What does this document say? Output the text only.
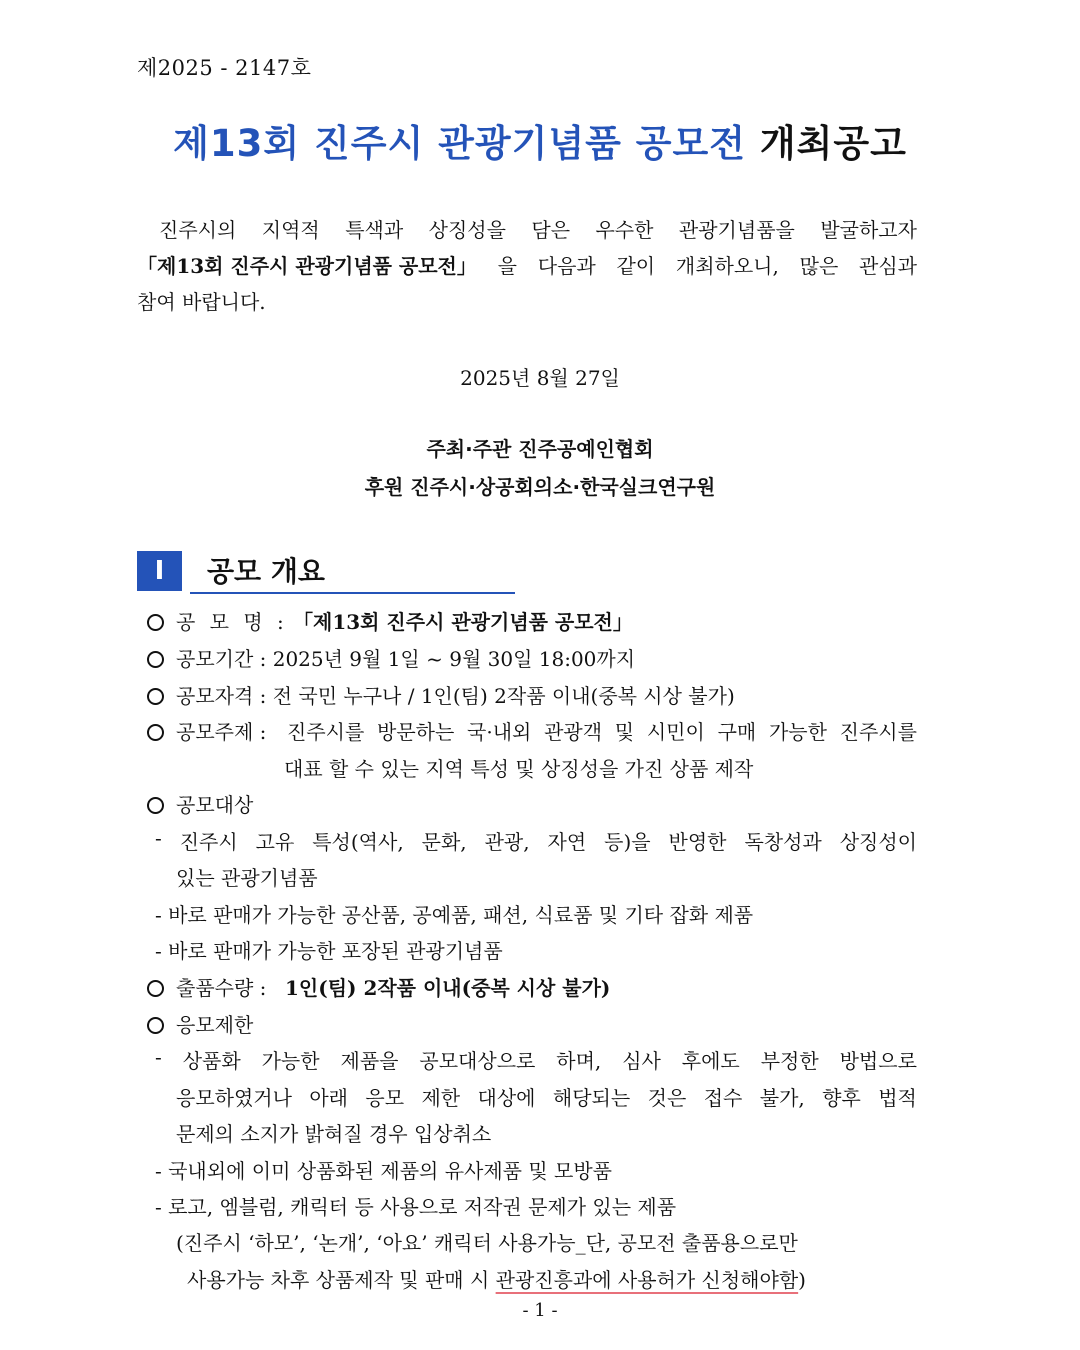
제2025 - 2147호
제13회 진주시 관광기념품 공모전 개최공고
진주시의 지역적 특색과 상징성을 담은 우수한 관광기념품을 발굴하고자
「제13회 진주시 관광기념품 공모전」 을 다음과 같이 개최하오니, 많은 관심과
참여 바랍니다.
2025년 8월 27일
주최·주관 진주공예인협회
후원 진주시·상공회의소·한국실크연구원
Ⅰ	공모 개요
공 모 명 : 「제13회 진주시 관광기념품 공모전」
공모기간 : 2025년 9월 1일 ~ 9월 30일 18:00까지
공모자격 : 전 국민 누구나 / 1인(팀) 2작품 이내(중복 시상 불가)
공모주제 : 진주시를 방문하는 국·내외 관광객 및 시민이 구매 가능한 진주시를
대표 할 수 있는 지역 특성 및 상징성을 가진 상품 제작
공모대상
- 진주시 고유 특성(역사, 문화, 관광, 자연 등)을 반영한 독창성과 상징성이
있는 관광기념품
- 바로 판매가 가능한 공산품, 공예품, 패션, 식료품 및 기타 잡화 제품
- 바로 판매가 가능한 포장된 관광기념품
출품수량 : 1인(팀) 2작품 이내(중복 시상 불가)
응모제한
- 상품화 가능한 제품을 공모대상으로 하며, 심사 후에도 부정한 방법으로
응모하였거나 아래 응모 제한 대상에 해당되는 것은 접수 불가, 향후 법적
문제의 소지가 밝혀질 경우 입상취소
- 국내외에 이미 상품화된 제품의 유사제품 및 모방품
- 로고, 엠블럼, 캐릭터 등 사용으로 저작권 문제가 있는 제품
(진주시 ‘하모’, ‘논개’, ‘아요’ 캐릭터 사용가능_단, 공모전 출품용으로만
사용가능 차후 상품제작 및 판매 시 관광진흥과에 사용허가 신청해야함)
- 1 -
